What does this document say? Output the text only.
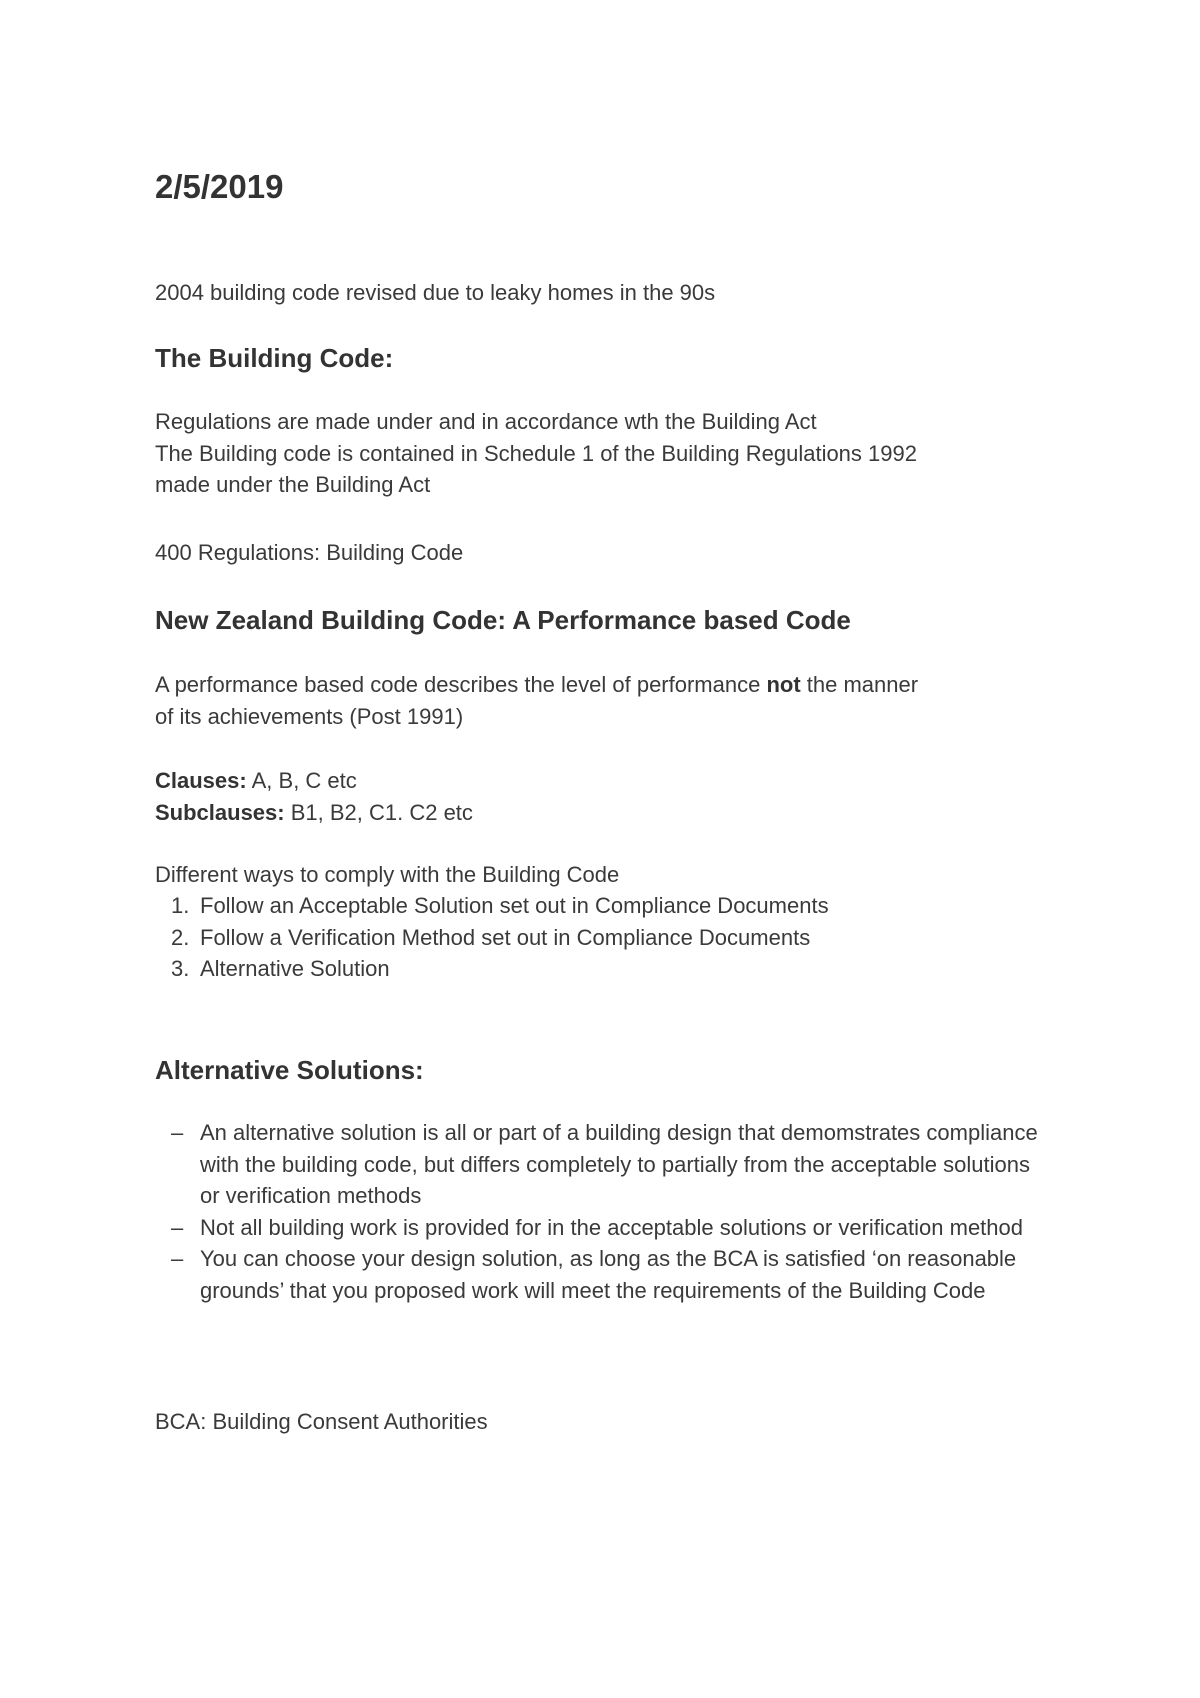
2/5/2019

2004 building code revised due to leaky homes in the 90s

The Building Code:

Regulations are made under and in accordance wth the Building Act
The Building code is contained in Schedule 1 of the Building Regulations 1992
made under the Building Act

400 Regulations: Building Code

New Zealand Building Code: A Performance based Code

A performance based code describes the level of performance not the manner
of its achievements (Post 1991)

Clauses: A, B, C etc
Subclauses: B1, B2, C1. C2 etc

Different ways to comply with the Building Code

1. Follow an Acceptable Solution set out in Compliance Documents
2. Follow a Verification Method set out in Compliance Documents
3. Alternative Solution
Alternative Solutions:
– An alternative solution is all or part of a building design that demomstrates compliance with the building code, but differs completely to partially from the acceptable solutions or verification methods
– Not all building work is provided for in the acceptable solutions or verification method
– You can choose your design solution, as long as the BCA is satisfied ‘on reasonable grounds’ that you proposed work will meet the requirements of the Building Code

BCA: Building Consent Authorities
